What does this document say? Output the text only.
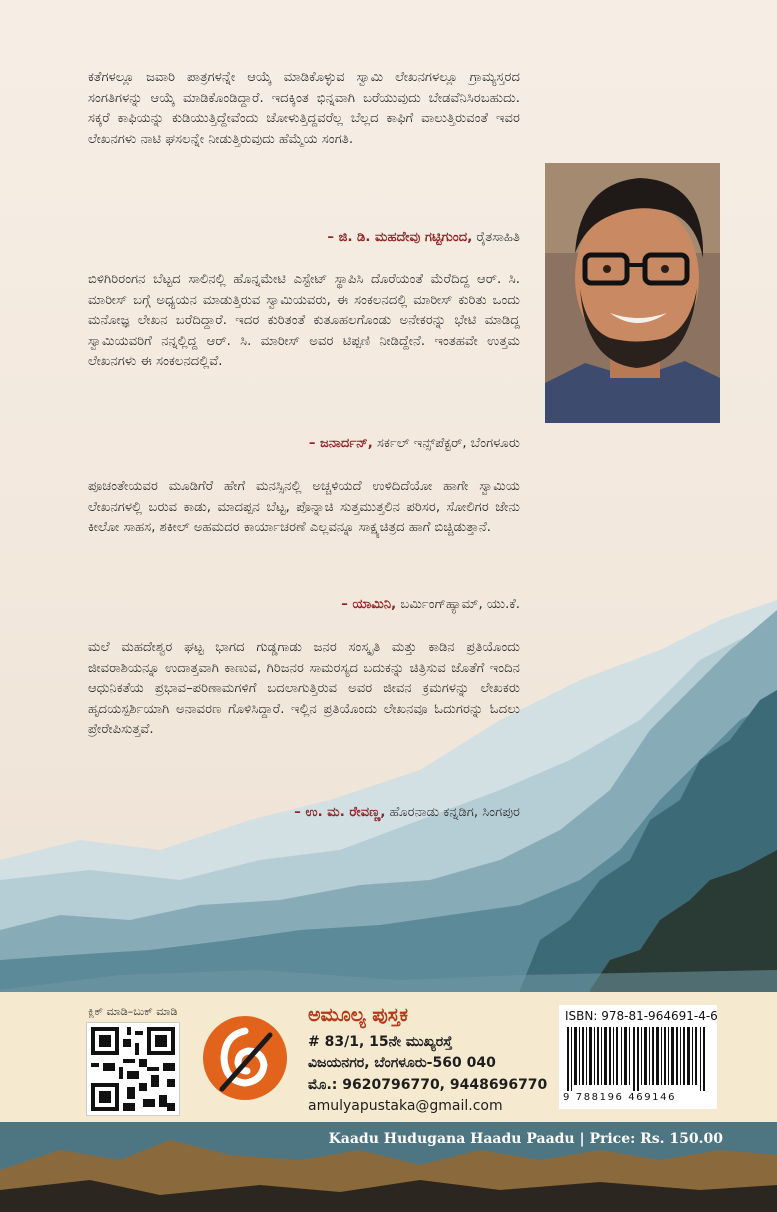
ಕತೆಗಳಲ್ಲೂ ಜವಾರಿ ಪಾತ್ರಗಳನ್ನೇ ಆಯ್ಕೆ ಮಾಡಿಕೊಳ್ಳುವ ಸ್ವಾಮಿ ಲೇಖನಗಳಲ್ಲೂ ಗ್ರಾಮ್ಯಸ್ತರದ ಸಂಗತಿಗಳನ್ನು ಆಯ್ಕೆ ಮಾಡಿಕೊಂಡಿದ್ದಾರೆ. ಇದಕ್ಕಿಂತ ಭಿನ್ನವಾಗಿ ಬರೆಯುವುದು ಬೇಡವೆನಿಸಿರಬಹುದು. ಸಕ್ಕರೆ ಕಾಫಿಯನ್ನು ಕುಡಿಯುತ್ತಿದ್ದೇವೆಂದು ಚೋಳುತ್ತಿದ್ದವರೆಲ್ಲ ಬೆಲ್ಲದ ಕಾಫಿಗೆ ವಾಲುತ್ತಿರುವಂತೆ ಇವರ ಲೇಖನಗಳು ನಾಟಿ ಘಸಲನ್ನೇ ನೀಡುತ್ತಿರುವುದು ಹೆಮ್ಮೆಯ ಸಂಗತಿ.

– ಜಿ. ಡಿ. ಮಹದೇವು ಗಟ್ಟಿಗುಂದ, ರೈತಸಾಹಿತಿ

ಬಿಳಿಗಿರಿರಂಗನ ಬೆಟ್ಟದ ಸಾಲಿನಲ್ಲಿ ಹೊನ್ನಮೇಟಿ ಎಸ್ಟೇಟ್ ಸ್ಥಾಪಿಸಿ ದೊರೆಯಂತೆ ಮೆರೆದಿದ್ದ ಆರ್. ಸಿ. ಮಾರೀಸ್ ಬಗ್ಗೆ ಅಧ್ಯಯನ ಮಾಡುತ್ತಿರುವ ಸ್ವಾಮಿಯವರು, ಈ ಸಂಕಲನದಲ್ಲಿ ಮಾರೀಸ್ ಕುರಿತು ಒಂದು ಮನೋಜ್ಞ ಲೇಖನ ಬರೆದಿದ್ದಾರೆ. ಇದರ ಕುರಿತಂತೆ ಕುತೂಹಲಗೊಂಡು ಅನೇಕರನ್ನು ಭೇಟಿ ಮಾಡಿದ್ದ ಸ್ವಾಮಿಯವರಿಗೆ ನನ್ನಲ್ಲಿದ್ದ ಆರ್. ಸಿ. ಮಾರೀಸ್ ಅವರ ಟಿಪ್ಪಣಿ ನೀಡಿದ್ದೇನೆ. ಇಂತಹವೇ ಉತ್ತಮ ಲೇಖನಗಳು ಈ ಸಂಕಲನದಲ್ಲಿವೆ.

– ಜನಾರ್ದನ್, ಸರ್ಕಲ್ ಇನ್ಸ್‌ಪೆಕ್ಟರ್, ಬೆಂಗಳೂರು

ಪೂಚಂತೇಯವರ ಮೂಡಿಗೆರೆ ಹೇಗೆ ಮನಸ್ಸಿನಲ್ಲಿ ಅಚ್ಚಳಿಯದೆ ಉಳಿದಿದೆಯೋ ಹಾಗೇ ಸ್ವಾಮಿಯ ಲೇಖನಗಳಲ್ಲಿ ಬರುವ ಕಾಡು, ಮಾದಪ್ಪನ ಬೆಟ್ಟ, ಪೊನ್ನಾಚಿ ಸುತ್ತಮುತ್ತಲಿನ ಪರಿಸರ, ಸೋಲಿಗರ ಜೇನು ಕೀಲೋ ಸಾಹಸ, ಶಕೀಲ್ ಅಹಮದರ ಕಾರ್ಯಾಚರಣೆ ಎಲ್ಲವನ್ನೂ ಸಾಕ್ಷ್ಯಚಿತ್ರದ ಹಾಗೆ ಬಿಚ್ಚಿಡುತ್ತಾನೆ.

– ಯಾಮಿನಿ, ಬರ್ಮಿಂಗ್‌ಹ್ಯಾಮ್, ಯು.ಕೆ.

ಮಲೆ ಮಹದೇಶ್ವರ ಘಟ್ಟ ಭಾಗದ ಗುಡ್ಡಗಾಡು ಜನರ ಸಂಸ್ಕೃತಿ ಮತ್ತು ಕಾಡಿನ ಪ್ರತಿಯೊಂದು ಜೀವರಾಶಿಯನ್ನೂ ಉದಾತ್ತವಾಗಿ ಕಾಣುವ, ಗಿರಿಜನರ ಸಾಮರಸ್ಯದ ಬದುಕನ್ನು ಚಿತ್ರಿಸುವ ಜೊತೆಗೆ ಇಂದಿನ ಆಧುನಿಕತೆಯ ಪ್ರಭಾವ–ಪರಿಣಾಮಗಳಿಗೆ ಬದಲಾಗುತ್ತಿರುವ ಅವರ ಜೀವನ ಕ್ರಮಗಳನ್ನು ಲೇಖಕರು ಹೃದಯಸ್ಪರ್ಶಿಯಾಗಿ ಅನಾವರಣ ಗೊಳಿಸಿದ್ದಾರೆ. ಇಲ್ಲಿನ ಪ್ರತಿಯೊಂದು ಲೇಖನವೂ ಓದುಗರನ್ನು ಓದಲು ಪ್ರೇರೇಪಿಸುತ್ತವೆ.

– ಉ. ಮ. ರೇವಣ್ಣ, ಹೊರನಾಡು ಕನ್ನಡಿಗ, ಸಿಂಗಪುರ

ಕ್ಲಿಕ್ ಮಾಡಿ–ಬುಕ್ ಮಾಡಿ	ಅಮೂಲ್ಯ ಪುಸ್ತಕ
# 83/1, 15ನೇ ಮುಖ್ಯರಸ್ತೆ
ವಿಜಯನಗರ, ಬೆಂಗಳೂರು-560 040
ಮೊ.: 9620796770, 9448696770
amulyapustaka@gmail.com
ISBN: 978-81-964691-4-6
9 788196 469146
Kaadu Hudugana Haadu Paadu | Price: Rs. 150.00
